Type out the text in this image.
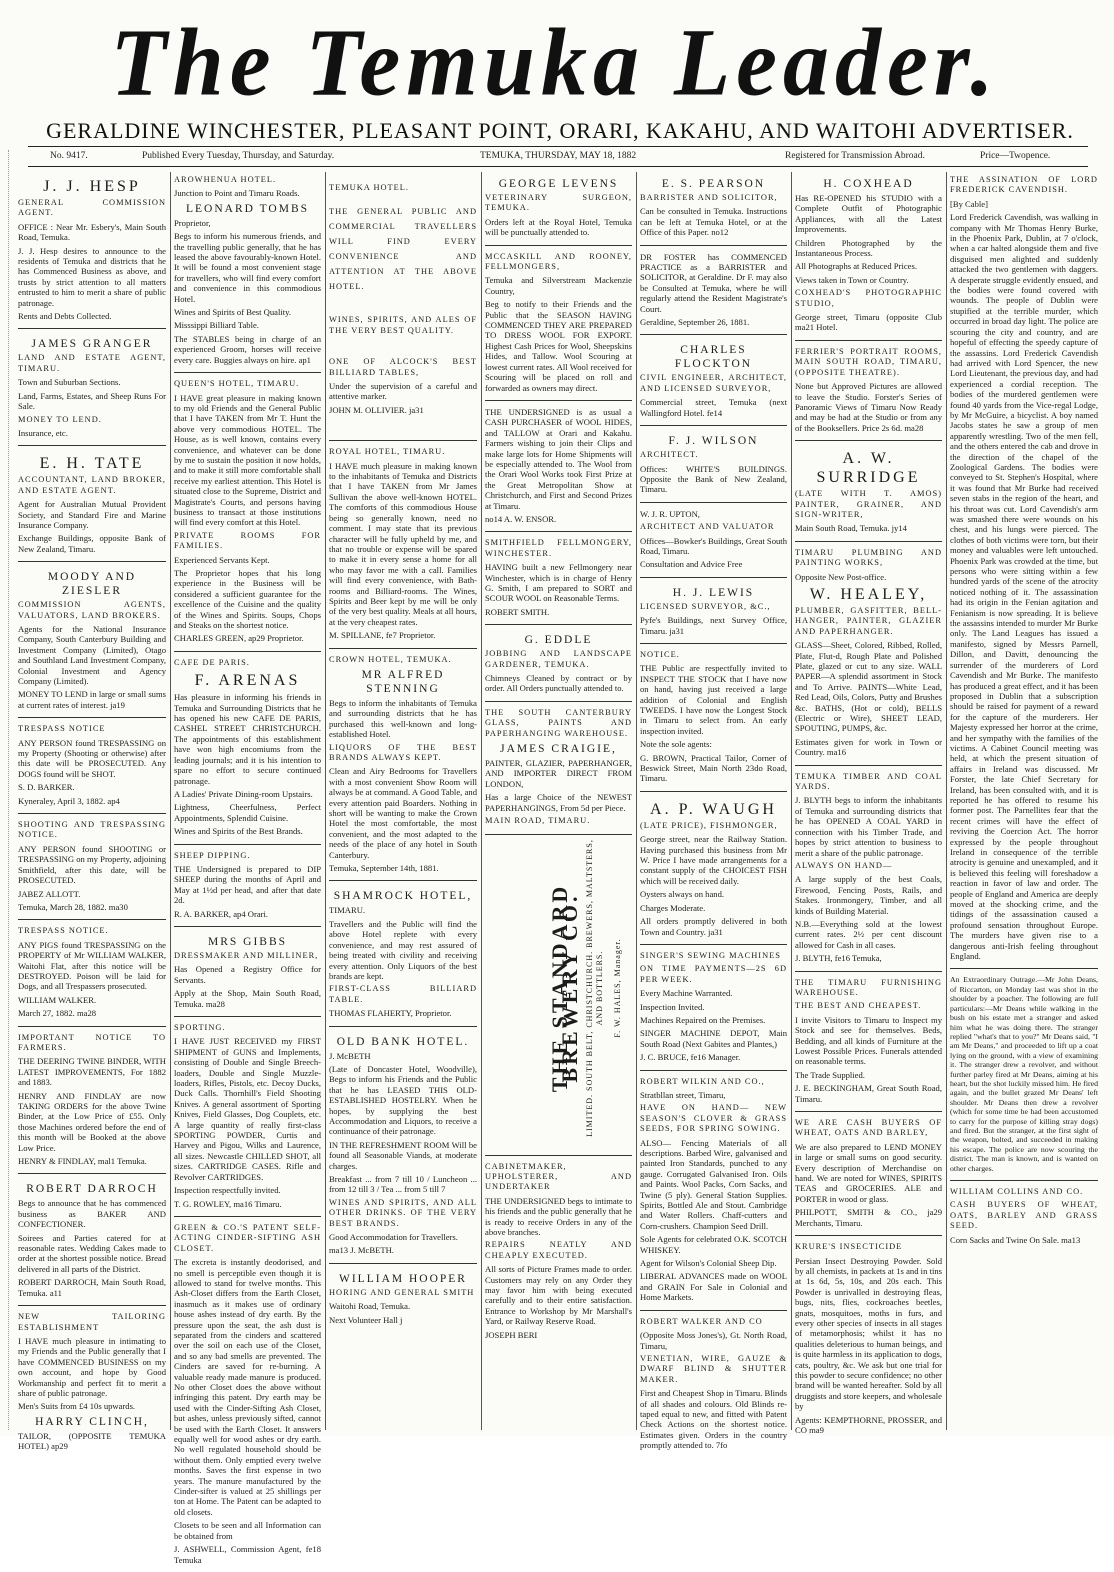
The Temuka Leader.
GERALDINE WINCHESTER, PLEASANT POINT, ORARI, KAKAHU, AND WAITOHI ADVERTISER.
No. 9417.	Published Every Tuesday, Thursday, and Saturday.	TEMUKA, THURSDAY, MAY 18, 1882	Registered for Transmission Abroad.	Price—Twopence.
J. J. HESP

GENERAL COMMISSION AGENT.

OFFICE : Near Mr. Esbery's, Main South Road, Temuka.

J. J. Hesp desires to announce to the residents of Temuka and districts that he has Commenced Business as above, and trusts by strict attention to all matters entrusted to him to merit a share of public patronage.

Rents and Debts Collected.

JAMES GRANGER

LAND AND ESTATE AGENT, TIMARU.

Town and Suburban Sections.

Land, Farms, Estates, and Sheep Runs For Sale.

MONEY TO LEND.

Insurance, etc.

E. H. TATE

ACCOUNTANT, LAND BROKER, AND ESTATE AGENT.

Agent for Australian Mutual Provident Society, and Standard Fire and Marine Insurance Company.

Exchange Buildings, opposite Bank of New Zealand, Timaru.

MOODY AND ZIESLER

COMMISSION AGENTS, VALUATORS, LAND BROKERS.

Agents for the National Insurance Company, South Canterbury Building and Investment Company (Limited), Otago and Southland Land Investment Company, Colonial Investment and Agency Company (Limited).

MONEY TO LEND in large or small sums at current rates of interest. ja19

TRESPASS NOTICE

ANY PERSON found TRESPASSING on my Property (Shooting or otherwise) after this date will be PROSECUTED. Any DOGS found will be SHOT.

S. D. BARKER.

Kyneraley, April 3, 1882. ap4

SHOOTING AND TRESPASSING NOTICE.

ANY PERSON found SHOOTING or TRESPASSING on my Property, adjoining Smithfield, after this date, will be PROSECUTED.

JABEZ ALLOTT.

Temuka, March 28, 1882. ma30

TRESPASS NOTICE.

ANY PIGS found TRESPASSING on the PROPERTY of Mr WILLIAM WALKER, Waitohi Flat, after this notice will be DESTROYED. Poison will be laid for Dogs, and all Trespassers prosecuted.

WILLIAM WALKER.

March 27, 1882. ma28

IMPORTANT NOTICE TO FARMERS.

THE DEERING TWINE BINDER, WITH LATEST IMPROVEMENTS, For 1882 and 1883.

HENRY AND FINDLAY are now TAKING ORDERS for the above Twine Binder, at the Low Price of £55. Only those Machines ordered before the end of this month will be Booked at the above Low Price.

HENRY & FINDLAY, mal1 Temuka.

ROBERT DARROCH

Begs to announce that he has commenced business as BAKER AND CONFECTIONER.

Soirees and Parties catered for at reasonable rates. Wedding Cakes made to order at the shortest possible notice. Bread delivered in all parts of the District.

ROBERT DARROCH, Main South Road, Temuka. a11

NEW TAILORING ESTABLISHMENT

I HAVE much pleasure in intimating to my Friends and the Public generally that I have COMMENCED BUSINESS on my own account, and hope by Good Workmanship and perfect fit to merit a share of public patronage.

Men's Suits from £4 10s upwards.

HARRY CLINCH,

TAILOR, (OPPOSITE TEMUKA HOTEL) ap29

AROWHENUA HOTEL.

Junction to Point and Timaru Roads.

LEONARD TOMBS

Proprietor,

Begs to inform his numerous friends, and the travelling public generally, that he has leased the above favourably-known Hotel. It will be found a most convenient stage for travellers, who will find every comfort and convenience in this commodious Hotel.

Wines and Spirits of Best Quality.

Misssippi Billiard Table.

The STABLES being in charge of an experienced Groom, horses will receive every care. Buggies always on hire. ap1

QUEEN'S HOTEL, TIMARU.

I HAVE great pleasure in making known to my old Friends and the General Public that I have TAKEN from Mr T. Hunt the above very commodious HOTEL. The House, as is well known, contains every convenience, and whatever can be done by me to sustain the position it now holds, and to make it still more comfortable shall receive my earliest attention. This Hotel is situated close to the Supreme, District and Magistrate's Courts, and persons having business to transact at those institutions will find every comfort at this Hotel.

PRIVATE ROOMS FOR FAMILIES.

Experienced Servants Kept.

The Proprietor hopes that his long experience in the Business will be considered a sufficient guarantee for the excellence of the Cuisine and the quality of the Wines and Spirits. Soups, Chops and Steaks on the shortest notice.

CHARLES GREEN, ap29 Proprietor.

CAFE DE PARIS.

F. ARENAS

Has pleasure in informing his friends in Temuka and Surrounding Districts that he has opened his new CAFE DE PARIS, CASHEL STREET CHRISTCHURCH. The appointments of this establishment have won high encomiums from the leading journals; and it is his intention to spare no effort to secure continued patronage.

A Ladies' Private Dining-room Upstairs.

Lightness, Cheerfulness, Perfect Appointments, Splendid Cuisine.

Wines and Spirits of the Best Brands.

SHEEP DIPPING.

THE Undersigned is prepared to DIP SHEEP during the months of April and May at 1½d per head, and after that date 2d.

R. A. BARKER, ap4 Orari.

MRS GIBBS

DRESSMAKER AND MILLINER,

Has Opened a Registry Office for Servants.

Apply at the Shop, Main South Road, Temuka. ma28

SPORTING.

I HAVE JUST RECEIVED my FIRST SHIPMENT of GUNS and Implements, consisting of Double and Single Breech-loaders, Double and Single Muzzle-loaders, Rifles, Pistols, etc. Decoy Ducks, Duck Calls. Thornhill's Field Shooting Knives. A general assortment of Sporting Knives, Field Glasses, Dog Couplets, etc. A large quantity of really first-class SPORTING POWDER, Curtis and Harvey and Pigou, Wilks and Laurence, all sizes. Newcastle CHILLED SHOT, all sizes. CARTRIDGE CASES. Rifle and Revolver CARTRIDGES.

Inspection respectfully invited.

T. G. ROWLEY, ma16 Timaru.

GREEN & CO.'S PATENT SELF-ACTING CINDER-SIFTING ASH CLOSET.

The excreta is instantly deodorised, and no smell is perceptible even though it is allowed to stand for twelve months. This Ash-Closet differs from the Earth Closet, inasmuch as it makes use of ordinary house ashes instead of dry earth. By the pressure upon the seat, the ash dust is separated from the cinders and scattered over the soil on each use of the Closet, and so any bad smells are prevented. The Cinders are saved for re-burning. A valuable ready made manure is produced. No other Closet does the above without infringing this patent. Dry earth may be used with the Cinder-Sifting Ash Closet, but ashes, unless previously sifted, cannot be used with the Earth Closet. It answers equally well for wood ashes or dry earth. No well regulated household should be without them. Only emptied every twelve months. Saves the first expense in two years. The manure manufactured by the Cinder-sifter is valued at 25 shillings per ton at Home. The Patent can be adapted to old closets.

Closets to be seen and all Information can be obtained from

J. ASHWELL, Commission Agent, fe18 Temuka

TEMUKA HOTEL.

THE GENERAL PUBLIC AND COMMERCIAL TRAVELLERS WILL FIND EVERY CONVENIENCE AND ATTENTION AT THE ABOVE HOTEL.

WINES, SPIRITS, AND ALES OF THE VERY BEST QUALITY.

ONE OF ALCOCK'S BEST BILLIARD TABLES,

Under the supervision of a careful and attentive marker.

JOHN M. OLLIVIER. ja31

ROYAL HOTEL, TIMARU.

I HAVE much pleasure in making known to the inhabitants of Temuka and Districts that I have TAKEN from Mr James Sullivan the above well-known HOTEL. The comforts of this commodious House being so generally known, need no comment. I may state that its previous character will be fully upheld by me, and that no trouble or expense will be spared to make it in every sense a home for all who may favor me with a call. Families will find every convenience, with Bath-rooms and Billiard-rooms. The Wines, Spirits and Beer kept by me will be only of the very best quality. Meals at all hours, at the very cheapest rates.

M. SPILLANE, fe7 Proprietor.

CROWN HOTEL, TEMUKA.

MR ALFRED STENNING

Begs to inform the inhabitants of Temuka and surrounding districts that he has purchased this well-known and long-established Hotel.

LIQUORS OF THE BEST BRANDS ALWAYS KEPT.

Clean and Airy Bedrooms for Travellers with a most convenient Show Room will always be at command. A Good Table, and every attention paid Boarders. Nothing in short will be wanting to make the Crown Hotel the most comfortable, the most convenient, and the most adapted to the needs of the place of any hotel in South Canterbury.

Temuka, September 14th, 1881.

SHAMROCK HOTEL,

TIMARU.

Travellers and the Public will find the above Hotel replete with every convenience, and may rest assured of being treated with civility and receiving every attention. Only Liquors of the best brands are kept.

FIRST-CLASS BILLIARD TABLE.

THOMAS FLAHERTY, Proprietor.

OLD BANK HOTEL.

J. McBETH

(Late of Doncaster Hotel, Woodville), Begs to inform his Friends and the Public that he has LEASED THIS OLD-ESTABLISHED HOSTELRY. When he hopes, by supplying the best Accommodation and Liquors, to receive a continuance of their patronage.

IN THE REFRESHMENT ROOM Will be found all Seasonable Viands, at moderate charges.

Breakfast ... from 7 till 10 / Luncheon ... from 12 till 3 / Tea ... from 5 till 7

WINES AND SPIRITS, AND ALL OTHER DRINKS. OF THE VERY BEST BRANDS.

Good Accommodation for Travellers.

ma13 J. McBETH.

WILLIAM HOOPER

HORING AND GENERAL SMITH

Waitohi Road, Temuka.

Next Volunteer Hall j

GEORGE LEVENS

VETERINARY SURGEON, TEMUKA.

Orders left at the Royal Hotel, Temuka will be punctually attended to.

MCCASKILL AND ROONEY, FELLMONGERS,

Temuka and Silverstream Mackenzie Country,

Beg to notify to their Friends and the Public that the SEASON HAVING COMMENCED THEY ARE PREPARED TO DRESS WOOL FOR EXPORT. Highest Cash Prices for Wool, Sheepskins Hides, and Tallow. Wool Scouring at lowest current rates. All Wool received for Scouring will be placed on roll and forwarded as owners may direct.

THE UNDERSIGNED is as usual a CASH PURCHASER of WOOL HIDES, and TALLOW at Orari and Kakahu. Farmers wishing to join their Clips and make large lots for Home Shipments will be especially attended to. The Wool from the Orari Wool Works took First Prize at the Great Metropolitan Show at Christchurch, and First and Second Prizes at Timaru.

no14 A. W. ENSOR.

SMITHFIELD FELLMONGERY, WINCHESTER.

HAVING built a new Fellmongery near Winchester, which is in charge of Henry G. Smith, I am prepared to SORT and SCOUR WOOL on Reasonable Terms.

ROBERT SMITH.

G. EDDLE

JOBBING AND LANDSCAPE GARDENER, TEMUKA.

Chimneys Cleaned by contract or by order. All Orders punctually attended to.

THE SOUTH CANTERBURY GLASS, PAINTS AND PAPERHANGING WAREHOUSE.

JAMES CRAIGIE,

PAINTER, GLAZIER, PAPERHANGER, AND IMPORTER DIRECT FROM LONDON,

Has a large Choice of the NEWEST PAPERHANGINGS, From 5d per Piece.

MAIN ROAD, TIMARU.

THE STANDARD BREWERY CO. LIMITED. SOUTH BELT, CHRISTCHURCH. BREWERS, MALTSTERS, AND BOTTLERS. F. W. HALES, Manager.

CABINETMAKER, UPHOLSTERER, AND UNDERTAKER

THE UNDERSIGNED begs to intimate to his friends and the public generally that he is ready to receive Orders in any of the above branches.

REPAIRS NEATLY AND CHEAPLY EXECUTED.

All sorts of Picture Frames made to order. Customers may rely on any Order they may favor him with being executed carefully and to their entire satisfaction. Entrance to Workshop by Mr Marshall's Yard, or Railway Reserve Road.

JOSEPH BERI

E. S. PEARSON

BARRISTER AND SOLICITOR,

Can be consulted in Temuka. Instructions can be left at Temuka Hotel, or at the Office of this Paper. no12

DR FOSTER has COMMENCED PRACTICE as a BARRISTER and SOLICITOR, at Geraldine. Dr F. may also be Consulted at Temuka, where he will regularly attend the Resident Magistrate's Court.

Geraldine, September 26, 1881.

CHARLES FLOCKTON

CIVIL ENGINEER, ARCHITECT, AND LICENSED SURVEYOR,

Commercial street, Temuka (next Wallingford Hotel. fe14

F. J. WILSON

ARCHITECT.

Offices: WHITE'S BUILDINGS. Opposite the Bank of New Zealand, Timaru.

W. J. R. UPTON,

ARCHITECT AND VALUATOR

Offices—Bowker's Buildings, Great South Road, Timaru.

Consultation and Advice Free

H. J. LEWIS

LICENSED SURVEYOR, &C.,

Pyfe's Buildings, next Survey Office, Timaru. ja31

NOTICE.

THE Public are respectfully invited to INSPECT THE STOCK that I have now on hand, having just received a large addition of Colonial and English TWEEDS. I have now the Longest Stock in Timaru to select from. An early inspection invited.

Note the sole agents:

G. BROWN, Practical Tailor, Corner of Beswick Street, Main North 23do Road, Timaru.

A. P. WAUGH

(LATE PRICE), FISHMONGER,

George street, near the Railway Station. Having purchased this business from Mr W. Price I have made arrangements for a constant supply of the CHOICEST FISH which will be received daily.

Oysters always on hand.

Charges Moderate.

All orders promptly delivered in both Town and Country. ja31

SINGER'S SEWING MACHINES

ON TIME PAYMENTS—2S 6D PER WEEK.

Every Machine Warranted.

Inspection Invited.

Machines Repaired on the Premises.

SINGER MACHINE DEPOT, Main South Road (Next Gabites and Plantes,)

J. C. BRUCE, fe16 Manager.

ROBERT WILKIN AND CO.,

Stratbllan street, Timaru,

HAVE ON HAND— NEW SEASON'S CLOVER & GRASS SEEDS, FOR SPRING SOWING.

ALSO— Fencing Materials of all descriptions. Barbed Wire, galvanised and painted Iron Standards, punched to any gauge. Corrugated Galvanised Iron. Oils and Paints. Wool Packs, Corn Sacks, and Twine (5 ply). General Station Supplies. Spirits, Bottled Ale and Stout. Cambridge and Water Rollers. Chaff-cutters and Corn-crushers. Champion Seed Drill.

Sole Agents for celebrated O.K. SCOTCH WHISKEY.

Agent for Wilson's Colonial Sheep Dip.

LIBERAL ADVANCES made on WOOL and GRAIN For Sale in Colonial and Home Markets.

ROBERT WALKER AND CO

(Opposite Moss Jones's), Gt. North Road, Timaru,

VENETIAN, WIRE, GAUZE & DWARF BLIND & SHUTTER MAKER.

First and Cheapest Shop in Timaru. Blinds of all shades and colours. Old Blinds re-taped equal to new, and fitted with Patent Check Actions on the shortest notice. Estimates given. Orders in the country promptly attended to. 7fo

H. COXHEAD

Has RE-OPENED his STUDIO with a Complete Outfit of Photographic Appliances, with all the Latest Improvements.

Children Photographed by the Instantaneous Process.

All Photographs at Reduced Prices.

Views taken in Town or Country.

COXHEAD'S PHOTOGRAPHIC STUDIO,

George street, Timaru (opposite Club ma21 Hotel.

FERRIER'S PORTRAIT ROOMS, MAIN SOUTH ROAD, TIMARU, (OPPOSITE THEATRE).

None but Approved Pictures are allowed to leave the Studio. Forster's Series of Panoramic Views of Timaru Now Ready and may be had at the Studio or from any of the Booksellers. Price 2s 6d. ma28

A. W. SURRIDGE

(LATE WITH T. AMOS) PAINTER, GRAINER, AND SIGN-WRITER,

Main South Road, Temuka. jy14

TIMARU PLUMBING AND PAINTING WORKS,

Opposite New Post-office.

W. HEALEY,

PLUMBER, GASFITTER, BELL-HANGER, PAINTER, GLAZIER AND PAPERHANGER.

GLASS—Sheet, Colored, Ribbed, Rolled, Plate, Flut-d, Rough Plate and Polished Plate, glazed or cut to any size. WALL PAPER—A splendid assortment in Stock and To Arrive. PAINTS—White Lead, Red Lead, Oils, Colors, Putty and Brushes &c. BATHS, (Hot or cold), BELLS (Electric or Wire), SHEET LEAD, SPOUTING, PUMPS, &c.

Estimates given for work in Town or Country. ma16

TEMUKA TIMBER AND COAL YARDS.

J. BLYTH begs to inform the inhabitants of Temuka and surrounding districts that he has OPENED A COAL YARD in connection with his Timber Trade, and hopes by strict attention to business to merit a share of the public patronage.

ALWAYS ON HAND—

A large supply of the best Coals, Firewood, Fencing Posts, Rails, and Stakes. Ironmongery, Timber, and all kinds of Building Material.

N.B.—Everything sold at the lowest current rates. 2½ per cent discount allowed for Cash in all cases.

J. BLYTH, fe16 Temuka,

THE TIMARU FURNISHING WAREHOUSE.

THE BEST AND CHEAPEST.

I invite Visitors to Timaru to Inspect my Stock and see for themselves. Beds, Bedding, and all kinds of Furniture at the Lowest Possible Prices. Funerals attended on reasonable terms.

The Trade Supplied.

J. E. BECKINGHAM, Great South Road, Timaru.

WE ARE CASH BUYERS OF WHEAT, OATS AND BARLEY,

We are also prepared to LEND MONEY in large or small sums on good security. Every description of Merchandise on hand. We are noted for WINES, SPIRITS TEAS and GROCERIES. ALE and PORTER in wood or glass.

PHILPOTT, SMITH & CO., ja29 Merchants, Timaru.

KRURE'S INSECTICIDE

Persian Insect Destroying Powder. Sold by all chemists, in packets at 1s and in tins at 1s 6d, 5s, 10s, and 20s each. This Powder is unrivalled in destroying fleas, bugs, nits, flies, cockroaches beetles, gnats, mosquitoes, moths in furs, and every other species of insects in all stages of metamorphosis; whilst it has no qualities deleterious to human beings, and is quite harmless in its application to dogs, cats, poultry, &c. We ask but one trial for this powder to secure confidence; no other brand will be wanted hereafter. Sold by all druggists and store keepers, and wholesale by

Agents: KEMPTHORNE, PROSSER, and CO ma9

THE ASSINATION OF LORD FREDERICK CAVENDISH.

[By Cable]

Lord Frederick Cavendish, was walking in company with Mr Thomas Henry Burke, in the Phoenix Park, Dublin, at 7 o'clock, when a car halted alongside them and five disguised men alighted and suddenly attacked the two gentlemen with daggers. A desperate struggle evidently ensued, and the bodies were found covered with wounds. The people of Dublin were stupified at the terrible murder, which occurred in broad day light. The police are scouring the city and country, and are hopeful of effecting the speedy capture of the assassins. Lord Frederick Cavendish had arrived with Lord Spencer, the new Lord Lieutenant, the previous day, and had experienced a cordial reception. The bodies of the murdered gentlemen were found 40 yards from the Vice-regal Lodge, by Mr McGuire, a bicyclist. A boy named Jacobs states he saw a group of men apparently wrestling. Two of the men fell, and the others entered the cab and drove in the direction of the chapel of the Zoological Gardens. The bodies were conveyed to St. Stephen's Hospital, where it was found that Mr Burke had received seven stabs in the region of the heart, and his throat was cut. Lord Cavendish's arm was smashed there were wounds on his chest, and his lungs were pierced. The clothes of both victims were torn, but their money and valuables were left untouched. Phoenix Park was crowded at the time, but persons who were sitting within a few hundred yards of the scene of the atrocity noticed nothing of it. The assassination had its origin in the Fenian agitation and Fenianism is now spreading. It is believe the assassins intended to murder Mr Burke only. The Land Leagues has issued a manifesto, signed by Messrs Parnell, Dillon, and Davitt, denouncing the surrender of the murderers of Lord Cavendish and Mr Burke. The manifesto has produced a great effect, and it has been proposed in Dublin that a subscription should be raised for payment of a reward for the capture of the murderers. Her Majesty expressed her horror at the crime, and her sympathy with the families of the victims. A Cabinet Council meeting was held, at which the present situation of affairs in Ireland was discussed. Mr Forster, the late Chief Secretary for Ireland, has been consulted with, and it is reported he has offered to resume his former post. The Parnellites fear that the recent crimes will have the effect of reviving the Coercion Act. The horror expressed by the people throughout Ireland in consequence of the terrible atrocity is genuine and unexampled, and it is believed this feeling will foreshadow a reaction in favor of law and order. The people of England and America are deeply moved at the shocking crime, and the tidings of the assassination caused a profound sensation throughout Europe. The murders have given rise to a dangerous anti-Irish feeling throughout England.

An Extraordinary Outrage.—Mr John Deans, of Riccarton, on Monday last was shot in the shoulder by a poacher. The following are full particulars:—Mr Deans while walking in the bush on his estate met a stranger and asked him what he was doing there. The stranger replied "what's that to you?" Mr Deans said, "I am Mr Deans," and proceeded to lift up a coat lying on the ground, with a view of examining it. The stranger drew a revolver, and without further parley fired at Mr Deans, aiming at his heart, but the shot luckily missed him. He fired again, and the bullet grazed Mr Deans' left shoulder. Mr Deans then drew a revolver (which for some time he had been accustomed to carry for the purpose of killing stray dogs) and fired. But the stranger, at the first sight of the weapon, bolted, and succeeded in making his escape. The police are now scouring the district. The man is known, and is wanted on other charges.

WILLIAM COLLINS AND CO.

CASH BUYERS OF WHEAT, OATS, BARLEY AND GRASS SEED.

Corn Sacks and Twine On Sale. ma13
